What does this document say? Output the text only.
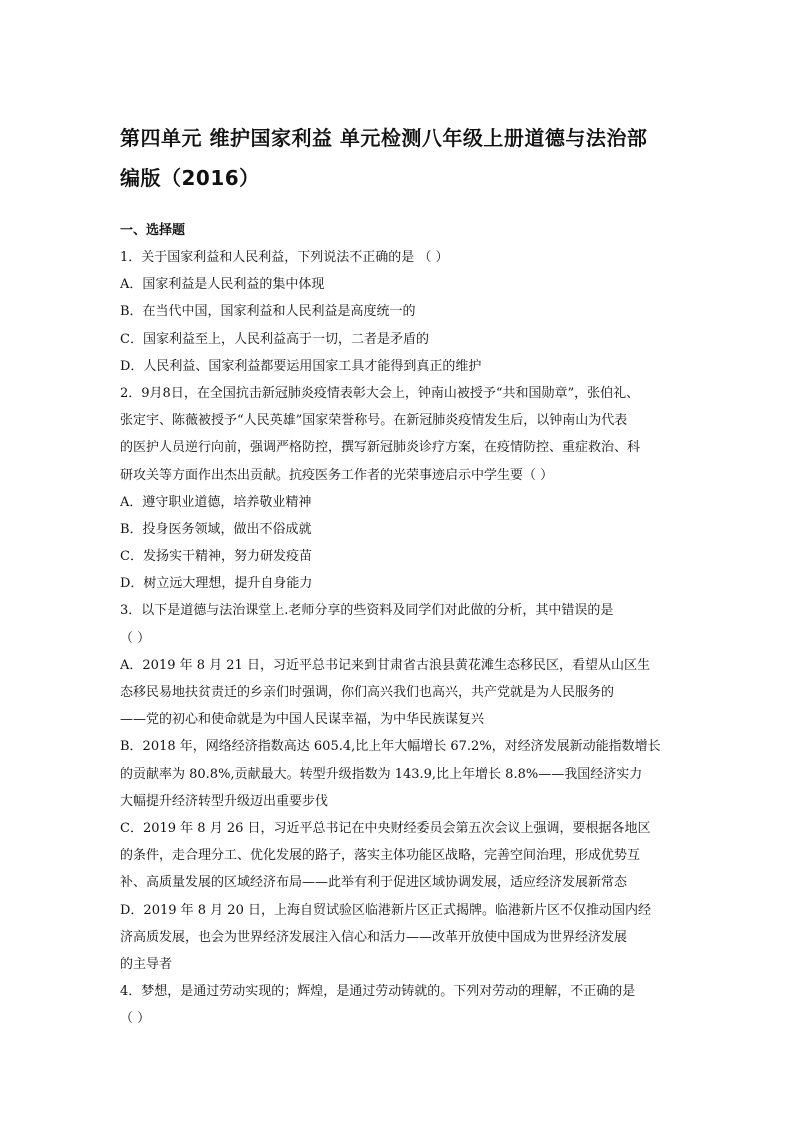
第四单元 维护国家利益 单元检测八年级上册道德与法治部
编版（2016）
一、选择题
1．关于国家利益和人民利益，下列说法不正确的是 （ ）
A．国家利益是人民利益的集中体现
B．在当代中国，国家利益和人民利益是高度统一的
C．国家利益至上，人民利益高于一切，二者是矛盾的
D．人民利益、国家利益都要运用国家工具才能得到真正的维护
2．9月8日，在全国抗击新冠肺炎疫情表彰大会上，钟南山被授予“共和国勋章”，张伯礼、
张定宇、陈薇被授予“人民英雄”国家荣誉称号。在新冠肺炎疫情发生后，以钟南山为代表
的医护人员逆行向前，强调严格防控，撰写新冠肺炎诊疗方案，在疫情防控、重症救治、科
研攻关等方面作出杰出贡献。抗疫医务工作者的光荣事迹启示中学生要（ ）
A．遵守职业道德，培养敬业精神
B．投身医务领域，做出不俗成就
C．发扬实干精神，努力研发疫苗
D．树立远大理想，提升自身能力
3．以下是道德与法治课堂上.老师分享的些资料及同学们对此做的分析，其中错误的是
（ ）
A．2019 年 8 月 21 日，习近平总书记来到甘肃省古浪县黄花滩生态移民区，看望从山区生
态移民易地扶贫责迁的乡亲们时强调，你们高兴我们也高兴，共产党就是为人民服务的
——党的初心和使命就是为中国人民谋幸福，为中华民族谋复兴
B．2018 年，网络经济指数高达 605.4,比上年大幅增长 67.2%，对经济发展新动能指数增长
的贡献率为 80.8%,贡献最大。转型升级指数为 143.9,比上年增长 8.8%——我国经济实力
大幅提升经济转型升级迈出重要步伐
C．2019 年 8 月 26 日，习近平总书记在中央财经委员会第五次会议上强调，要根据各地区
的条件，走合理分工、优化发展的路子，落实主体功能区战略，完善空间治理，形成优势互
补、高质量发展的区域经济布局——此举有利于促进区域协调发展，适应经济发展新常态
D．2019 年 8 月 20 日，上海自贸试验区临港新片区正式揭牌。临港新片区不仅推动国内经
济高质发展，也会为世界经济发展注入信心和活力——改革开放使中国成为世界经济发展
的主导者
4．梦想，是通过劳动实现的；辉煌，是通过劳动铸就的。下列对劳动的理解，不正确的是
（ ）
